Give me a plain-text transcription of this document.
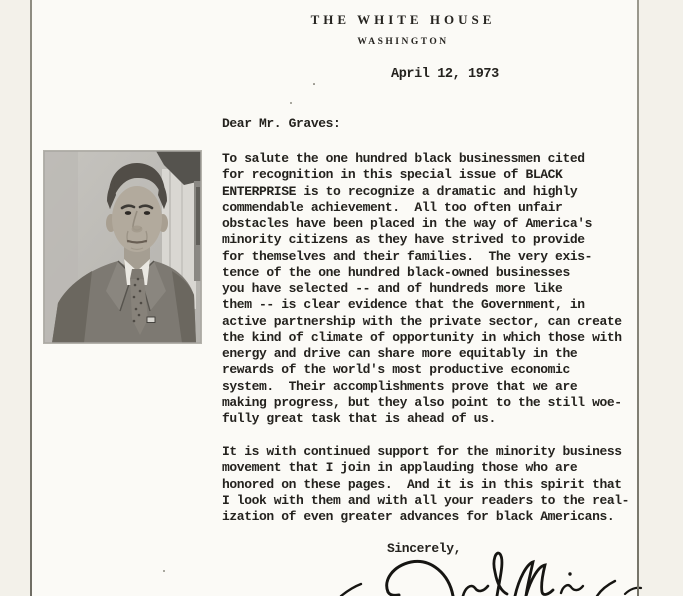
THE WHITE HOUSE
WASHINGTON
April 12, 1973
Dear Mr. Graves:
To salute the one hundred black businessmen cited
for recognition in this special issue of BLACK
ENTERPRISE is to recognize a dramatic and highly
commendable achievement.  All too often unfair
obstacles have been placed in the way of America's
minority citizens as they have strived to provide
for themselves and their families.  The very exis-
tence of the one hundred black-owned businesses
you have selected -- and of hundreds more like
them -- is clear evidence that the Government, in
active partnership with the private sector, can create
the kind of climate of opportunity in which those with
energy and drive can share more equitably in the
rewards of the world's most productive economic
system.  Their accomplishments prove that we are
making progress, but they also point to the still woe-
fully great task that is ahead of us.
It is with continued support for the minority business
movement that I join in applauding those who are
honored on these pages.  And it is in this spirit that
I look with them and with all your readers to the real-
ization of even greater advances for black Americans.
Sincerely,
